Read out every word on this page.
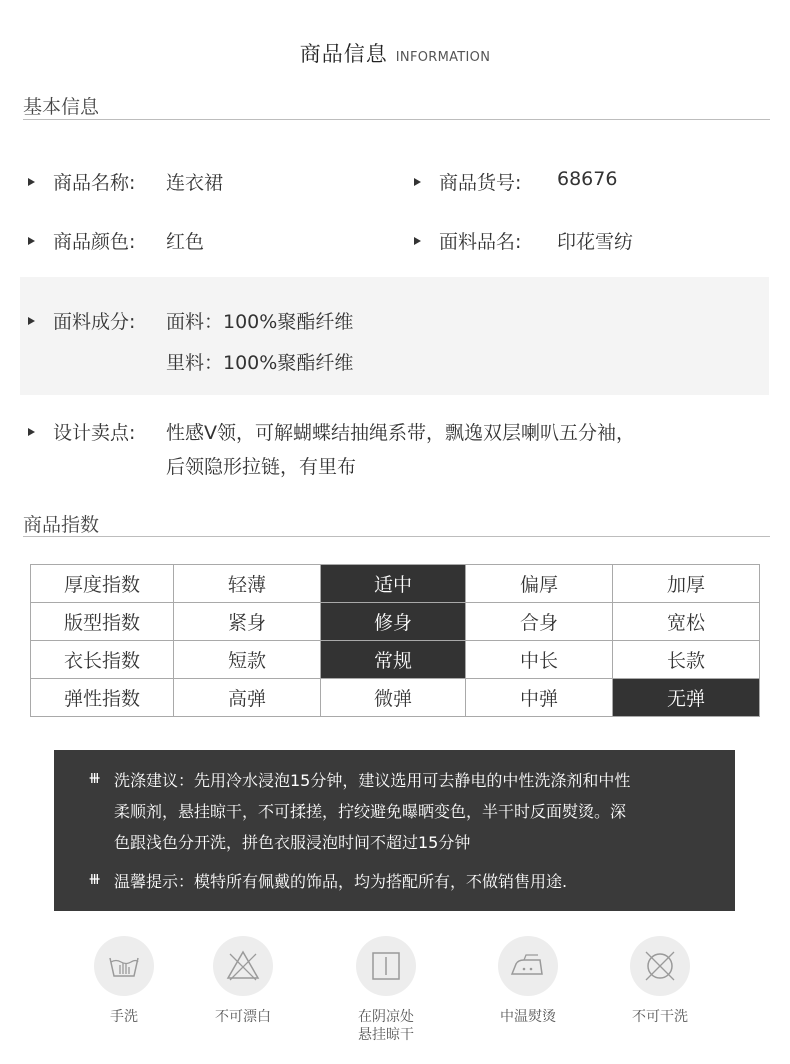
商品信息 INFORMATION
基本信息
商品名称: 连衣裙	商品货号: 68676
商品颜色: 红色	面料品名: 印花雪纺
面料成分: 面料：100%聚酯纤维
里料：100%聚酯纤维
设计卖点: 性感V领，可解蝴蝶结抽绳系带，飘逸双层喇叭五分袖，
后领隐形拉链，有里布
商品指数
厚度指数	轻薄	适中	偏厚	加厚
版型指数	紧身	修身	合身	宽松
衣长指数	短款	常规	中长	长款
弹性指数	高弹	微弹	中弹	无弹
⧻ 洗涤建议：先用冷水浸泡15分钟，建议选用可去静电的中性洗涤剂和中性
柔顺剂，悬挂晾干，不可揉搓，拧绞避免曝晒变色，半干时反面熨烫。深
色跟浅色分开洗，拼色衣服浸泡时间不超过15分钟
⧻ 温馨提示：模特所有佩戴的饰品，均为搭配所有，不做销售用途.
手洗	不可漂白	在阴凉处
悬挂晾干
中温熨烫	不可干洗
